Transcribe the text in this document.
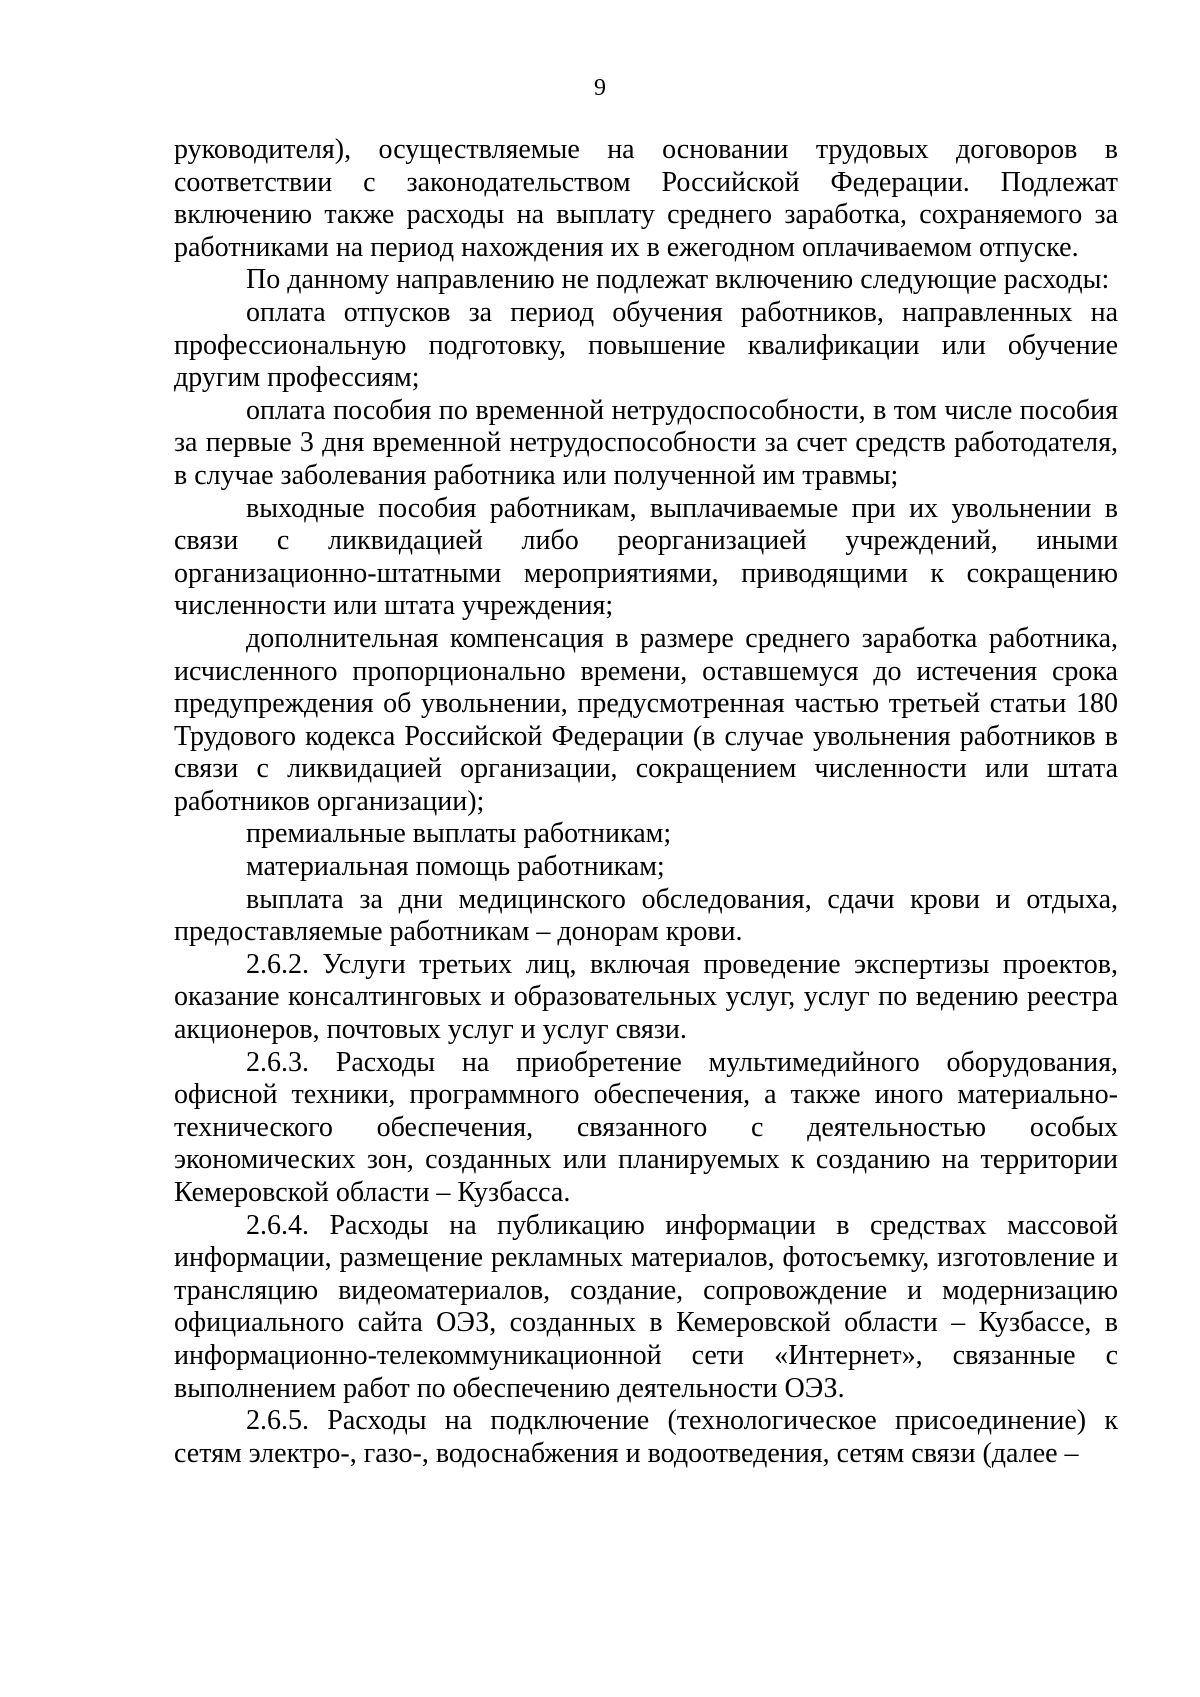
9

руководителя), осуществляемые на основании трудовых договоров в соответствии с законодательством Российской Федерации. Подлежат включению также расходы на выплату среднего заработка, сохраняемого за работниками на период нахождения их в ежегодном оплачиваемом отпуске.

По данному направлению не подлежат включению следующие расходы:

оплата отпусков за период обучения работников, направленных на профессиональную подготовку, повышение квалификации или обучение другим профессиям;

оплата пособия по временной нетрудоспособности, в том числе пособия за первые 3 дня временной нетрудоспособности за счет средств работодателя, в случае заболевания работника или полученной им травмы;

выходные пособия работникам, выплачиваемые при их увольнении в связи с ликвидацией либо реорганизацией учреждений, иными организационно-штатными мероприятиями, приводящими к сокращению численности или штата учреждения;

дополнительная компенсация в размере среднего заработка работника, исчисленного пропорционально времени, оставшемуся до истечения срока предупреждения об увольнении, предусмотренная частью третьей статьи 180 Трудового кодекса Российской Федерации (в случае увольнения работников в связи с ликвидацией организации, сокращением численности или штата работников организации);

премиальные выплаты работникам;

материальная помощь работникам;

выплата за дни медицинского обследования, сдачи крови и отдыха, предоставляемые работникам – донорам крови.

2.6.2. Услуги третьих лиц, включая проведение экспертизы проектов, оказание консалтинговых и образовательных услуг, услуг по ведению реестра акционеров, почтовых услуг и услуг связи.

2.6.3. Расходы на приобретение мультимедийного оборудования, офисной техники, программного обеспечения, а также иного материально-технического обеспечения, связанного с деятельностью особых экономических зон, созданных или планируемых к созданию на территории Кемеровской области – Кузбасса.

2.6.4. Расходы на публикацию информации в средствах массовой информации, размещение рекламных материалов, фотосъемку, изготовление и трансляцию видеоматериалов, создание, сопровождение и модернизацию официального сайта ОЭЗ, созданных в Кемеровской области – Кузбассе, в информационно-телекоммуникационной сети «Интернет», связанные с выполнением работ по обеспечению деятельности ОЭЗ.

2.6.5. Расходы на подключение (технологическое присоединение) к сетям электро-, газо-, водоснабжения и водоотведения, сетям связи (далее –
